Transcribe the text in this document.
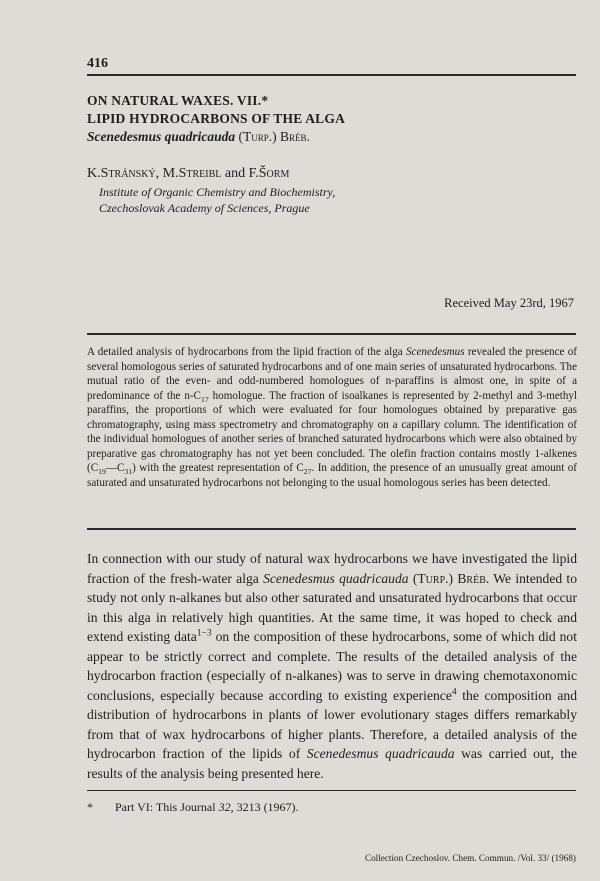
416
ON NATURAL WAXES. VII.*
LIPID HYDROCARBONS OF THE ALGA
Scenedesmus quadricauda (Turp.) Bréb.
K.Stránský, M.Streibl and F.Šorm
Institute of Organic Chemistry and Biochemistry,
Czechoslovak Academy of Sciences, Prague
Received May 23rd, 1967
A detailed analysis of hydrocarbons from the lipid fraction of the alga Scenedesmus revealed the presence of several homologous series of saturated hydrocarbons and of one main series of unsaturated hydrocarbons. The mutual ratio of the even- and odd-numbered homologues of n-paraffins is almost one, in spite of a predominance of the $n-C_{17}$ homologue. The fraction of isoalkanes is represented by 2-methyl and 3-methyl paraffins, the proportions of which were evaluated for four homologues obtained by preparative gas chromatography, using mass spectrometry and chromatography on a capillary column. The identification of the individual homologues of another series of branched saturated hydrocarbons which were also obtained by preparative gas chromatography has not yet been concluded. The olefin fraction contains mostly 1-alkenes $(C_{19}—C_{31})$ with the greatest representation of $C_{27}$. In addition, the presence of an unusually great amount of saturated and unsaturated hydrocarbons not belonging to the usual homologous series has been detected.
In connection with our study of natural wax hydrocarbons we have investigated the lipid fraction of the fresh-water alga Scenedesmus quadricauda (Turp.) Bréb. We intended to study not only n-alkanes but also other saturated and unsaturated hydrocarbons that occur in this alga in relatively high quantities. At the same time, it was hoped to check and extend existing data$^{1-3}$ on the composition of these hydrocarbons, some of which did not appear to be strictly correct and complete. The results of the detailed analysis of the hydrocarbon fraction (especially of n-alkanes) was to serve in drawing chemotaxonomic conclusions, especially because according to existing experience$^4$ the composition and distribution of hydrocarbons in plants of lower evolutionary stages differs remarkably from that of wax hydrocarbons of higher plants. Therefore, a detailed analysis of the hydrocarbon fraction of the lipids of Scenedesmus quadricauda was carried out, the results of the analysis being presented here.
* Part VI: This Journal 32, 3213 (1967).
Collection Czechoslov. Chem. Commun. /Vol. 33/ (1968)
